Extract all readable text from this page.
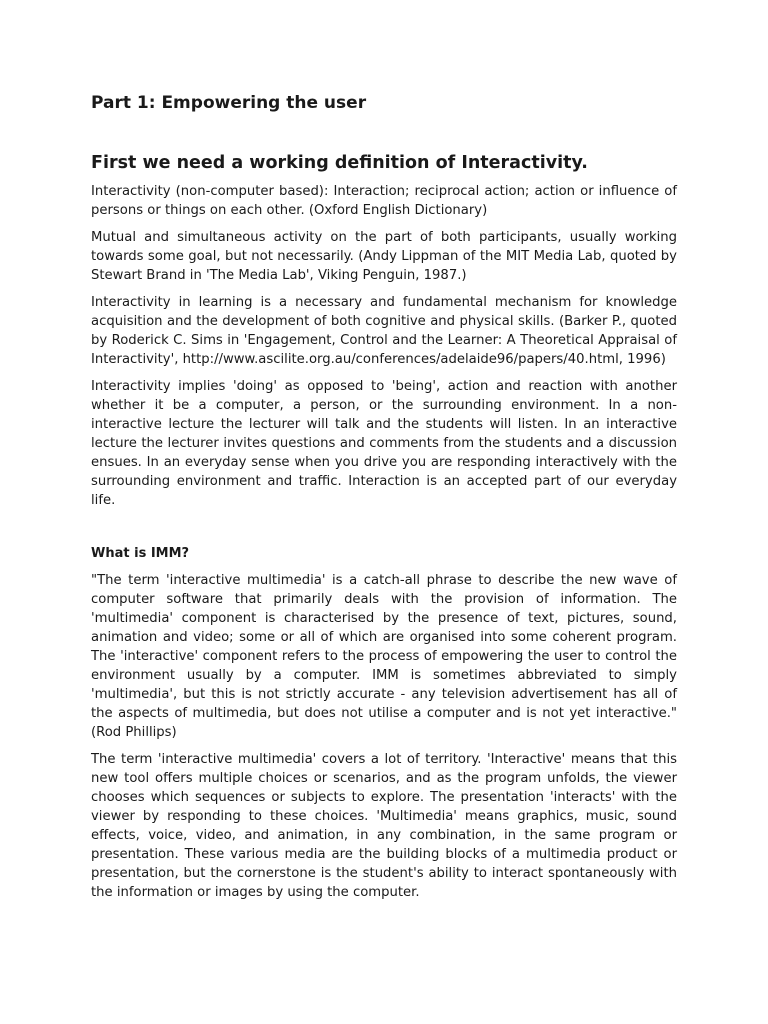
Part 1: Empowering the user
First we need a working definition of Interactivity.

Interactivity (non-computer based): Interaction; reciprocal action; action or influence of persons or things on each other. (Oxford English Dictionary)

Mutual and simultaneous activity on the part of both participants, usually working towards some goal, but not necessarily. (Andy Lippman of the MIT Media Lab, quoted by Stewart Brand in 'The Media Lab', Viking Penguin, 1987.)

Interactivity in learning is a necessary and fundamental mechanism for knowledge acquisition and the development of both cognitive and physical skills. (Barker P., quoted by Roderick C. Sims in 'Engagement, Control and the Learner: A Theoretical Appraisal of Interactivity', http://www.ascilite.org.au/conferences/adelaide96/papers/40.html, 1996)

Interactivity implies 'doing' as opposed to 'being', action and reaction with another whether it be a computer, a person, or the surrounding environment. In a non-interactive lecture the lecturer will talk and the students will listen. In an interactive lecture the lecturer invites questions and comments from the students and a discussion ensues. In an everyday sense when you drive you are responding interactively with the surrounding environment and traffic. Interaction is an accepted part of our everyday life.

What is IMM?

"The term 'interactive multimedia' is a catch-all phrase to describe the new wave of computer software that primarily deals with the provision of information. The 'multimedia' component is characterised by the presence of text, pictures, sound, animation and video; some or all of which are organised into some coherent program. The 'interactive' component refers to the process of empowering the user to control the environment usually by a computer. IMM is sometimes abbreviated to simply 'multimedia', but this is not strictly accurate - any television advertisement has all of the aspects of multimedia, but does not utilise a computer and is not yet interactive." (Rod Phillips)

The term 'interactive multimedia' covers a lot of territory. 'Interactive' means that this new tool offers multiple choices or scenarios, and as the program unfolds, the viewer chooses which sequences or subjects to explore. The presentation 'interacts' with the viewer by responding to these choices. 'Multimedia' means graphics, music, sound effects, voice, video, and animation, in any combination, in the same program or presentation. These various media are the building blocks of a multimedia product or presentation, but the cornerstone is the student's ability to interact spontaneously with the information or images by using the computer.
